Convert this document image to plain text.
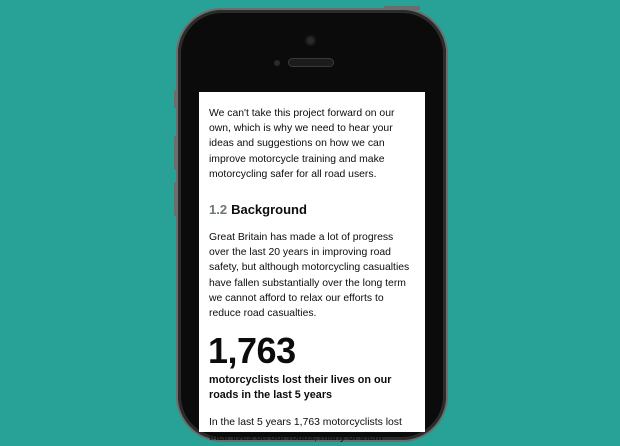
We can't take this project forward on our own, which is why we need to hear your ideas and suggestions on how we can improve motorcycle training and make motorcycling safer for all road users.

1.2 Background

Great Britain has made a lot of progress over the last 20 years in improving road safety, but although motorcycling casualties have fallen substantially over the long term we cannot afford to relax our efforts to reduce road casualties.

1,763
motorcyclists lost their lives on our roads in the last 5 years

In the last 5 years 1,763 motorcyclists lost their lives on our roads, many of them
